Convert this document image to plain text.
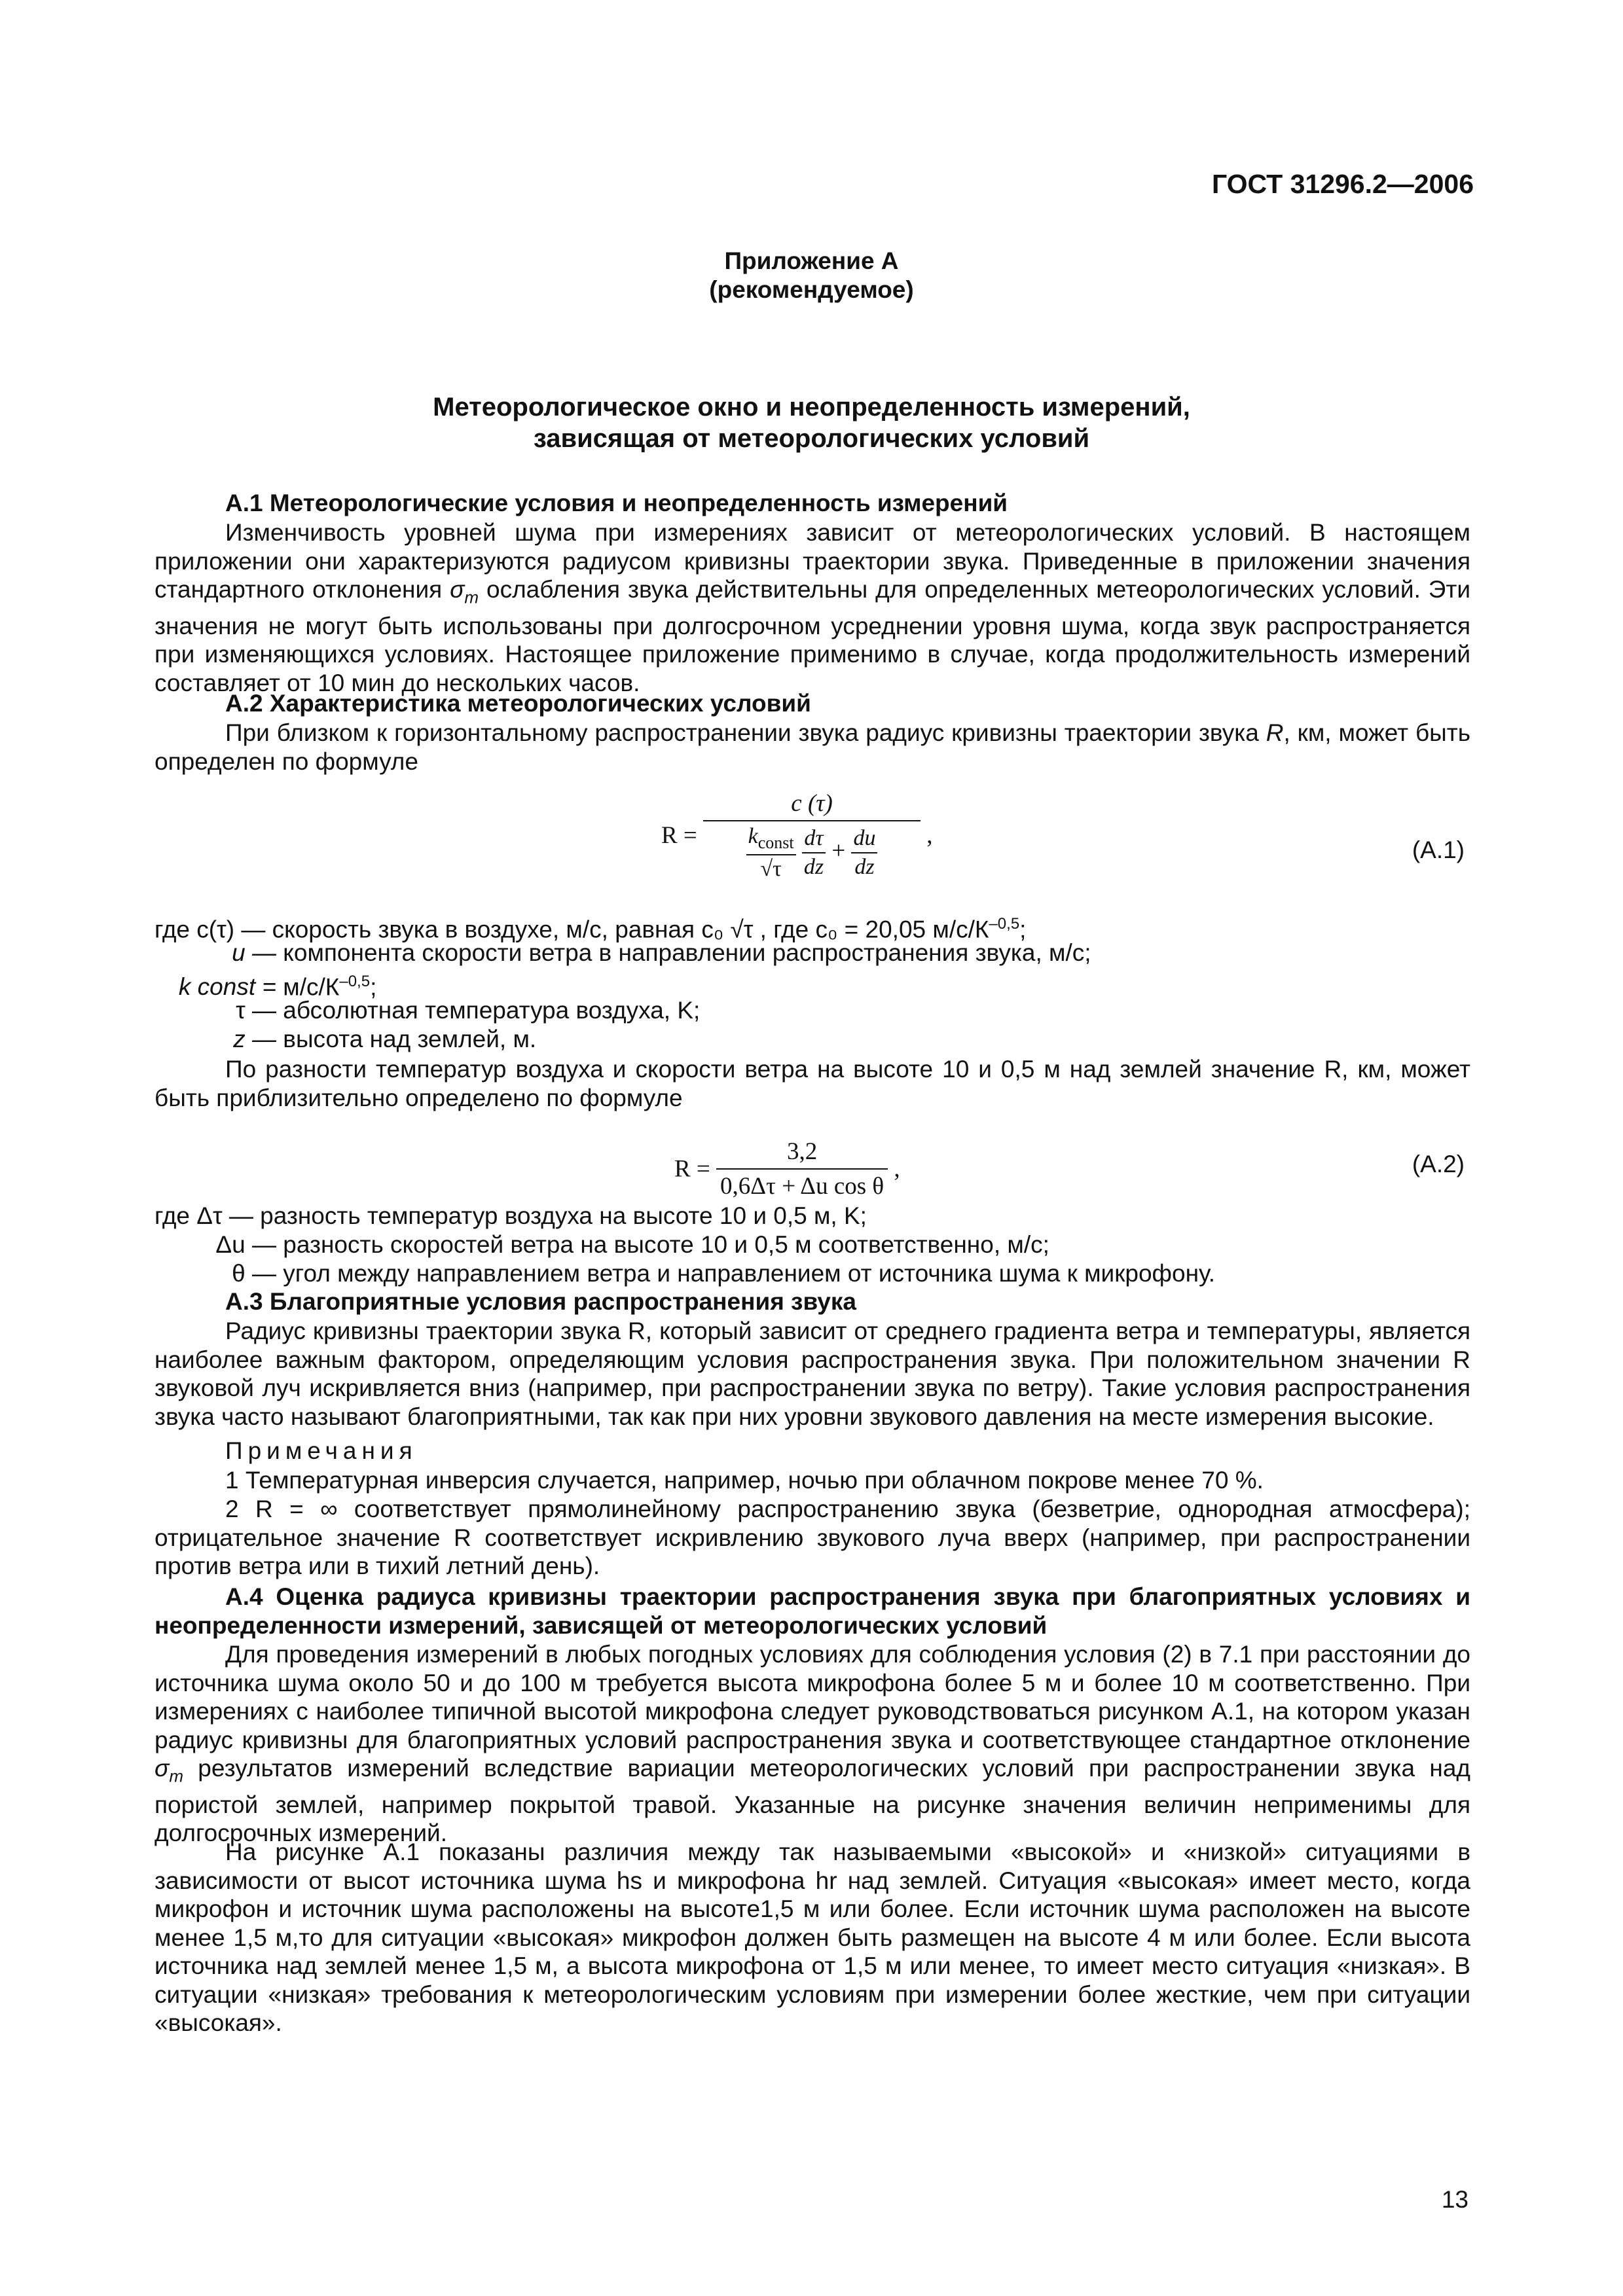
ГОСТ 31296.2—2006
Приложение А
(рекомендуемое)
Метеорологическое окно и неопределенность измерений,
зависящая от метеорологических условий
А.1 Метеорологические условия и неопределенность измерений
Изменчивость уровней шума при измерениях зависит от метеорологических условий. В настоящем приложении они характеризуются радиусом кривизны траектории звука. Приведенные в приложении значения стандартного отклонения $\sigma_m$ ослабления звука действительны для определенных метеорологических условий. Эти значения не могут быть использованы при долгосрочном усреднении уровня шума, когда звук распространяется при изменяющихся условиях. Настоящее приложение применимо в случае, когда продолжительность измерений составляет от 10 мин до нескольких часов.
А.2 Характеристика метеорологических условий
При близком к горизонтальному распространении звука радиус кривизны траектории звука R, км, может быть определен по формуле
R = c (τ)
$\frac{k_{const}}{√\tau}$
$\frac{d\tau}{dz} + \frac{du}{dz}$ ,
(А.1)
где c(τ) — скорость звука в воздухе, м/с, равная c₀ √τ , где c₀ = 20,05 $м/с/К^{-0,5}$;
u — компонента скорости ветра в направлении распространения звука, м/с;
k const = $м/с/К^{-0,5}$;
τ — абсолютная температура воздуха, K;
z — высота над землей, м.
По разности температур воздуха и скорости ветра на высоте 10 и 0,5 м над землей значение R, км, может быть приблизительно определено по формуле
$R = \frac{3,2}{\text{0,6Δτ + Δu cos θ}}$ ,	(А.2)
где Δτ — разность температур воздуха на высоте 10 и 0,5 м, K;
Δu — разность скоростей ветра на высоте 10 и 0,5 м соответственно, м/с;
θ — угол между направлением ветра и направлением от источника шума к микрофону.
А.3 Благоприятные условия распространения звука
Радиус кривизны траектории звука R, который зависит от среднего градиента ветра и температуры, является наиболее важным фактором, определяющим условия распространения звука. При положительном значении R звуковой луч искривляется вниз (например, при распространении звука по ветру). Такие условия распространения звука часто называют благоприятными, так как при них уровни звукового давления на месте измерения высокие.
Примечания
1 Температурная инверсия случается, например, ночью при облачном покрове менее 70 %.
2 R = ∞ соответствует прямолинейному распространению звука (безветрие, однородная атмосфера); отрицательное значение R соответствует искривлению звукового луча вверх (например, при распространении против ветра или в тихий летний день).
А.4 Оценка радиуса кривизны траектории распространения звука при благоприятных условиях и неопределенности измерений, зависящей от метеорологических условий
Для проведения измерений в любых погодных условиях для соблюдения условия (2) в 7.1 при расстоянии до источника шума около 50 и до 100 м требуется высота микрофона более 5 м и более 10 м соответственно. При измерениях с наиболее типичной высотой микрофона следует руководствоваться рисунком А.1, на котором указан радиус кривизны для благоприятных условий распространения звука и соответствующее стандартное отклонение $\sigma_m$ результатов измерений вследствие вариации метеорологических условий при распространении звука над пористой землей, например покрытой травой. Указанные на рисунке значения величин неприменимы для долгосрочных измерений.
На рисунке А.1 показаны различия между так называемыми «высокой» и «низкой» ситуациями в зависимости от высот источника шума hs и микрофона hr над землей. Ситуация «высокая» имеет место, когда микрофон и источник шума расположены на высоте1,5 м или более. Если источник шума расположен на высоте менее 1,5 м,то для ситуации «высокая» микрофон должен быть размещен на высоте 4 м или более. Если высота источника над землей менее 1,5 м, а высота микрофона от 1,5 м или менее, то имеет место ситуация «низкая». В ситуации «низкая» требования к метеорологическим условиям при измерении более жесткие, чем при ситуации «высокая».
13
